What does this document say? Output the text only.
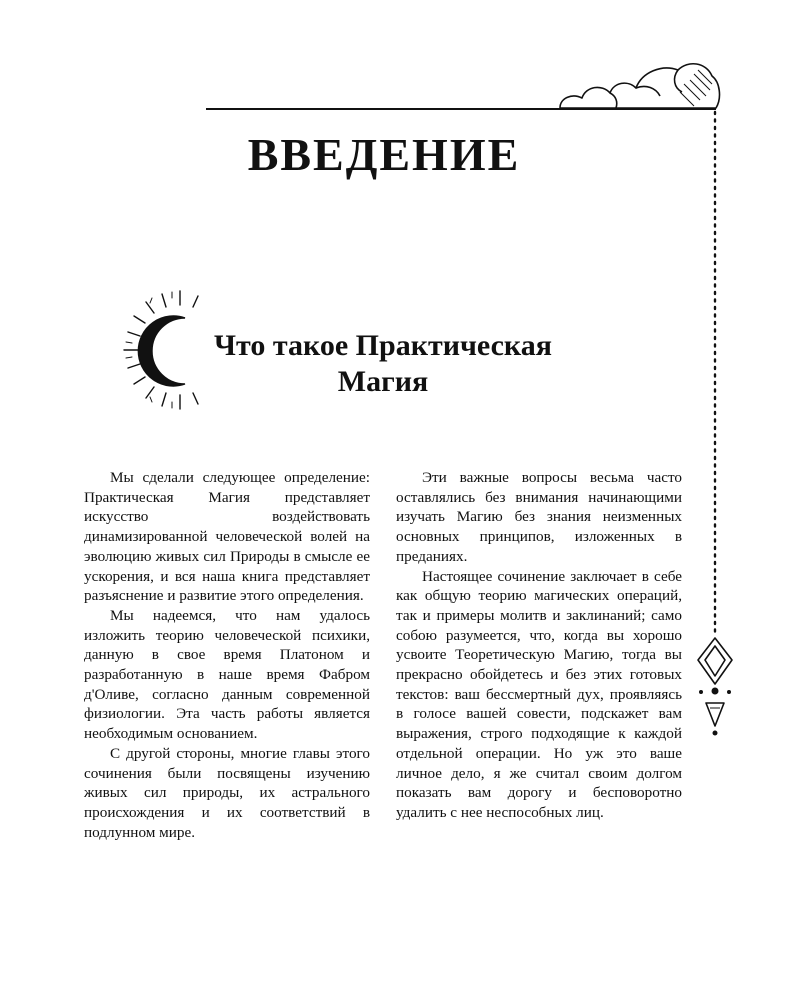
ВВЕДЕНИЕ
Что такое Практическая
Магия

Мы сделали следующее определение: Практическая Магия представляет искусство воздействовать динамизированной человеческой волей на эволюцию живых сил Природы в смысле ее ускорения, и вся наша книга представляет разъяснение и развитие этого определения.

Мы надеемся, что нам удалось изложить теорию человеческой психики, данную в свое время Платоном и разработанную в наше время Фабром д'Оливе, согласно данным современной физиологии. Эта часть работы является необходимым основанием.

С другой стороны, многие главы этого сочинения были посвящены изучению живых сил природы, их астрального происхождения и их соответствий в подлунном мире.

Эти важные вопросы весьма часто оставлялись без внимания начинающими изучать Магию без знания неизменных основных принципов, изложенных в преданиях.

Настоящее сочинение заключает в себе как общую теорию магических операций, так и примеры молитв и заклинаний; само собою разумеется, что, когда вы хорошо усвоите Теоретическую Магию, тогда вы прекрасно обойдетесь и без этих готовых текстов: ваш бессмертный дух, проявляясь в голосе вашей совести, подскажет вам выражения, строго подходящие к каждой отдельной операции. Но уж это ваше личное дело, я же считал своим долгом показать вам дорогу и бесповоротно удалить с нее неспособных лиц.
